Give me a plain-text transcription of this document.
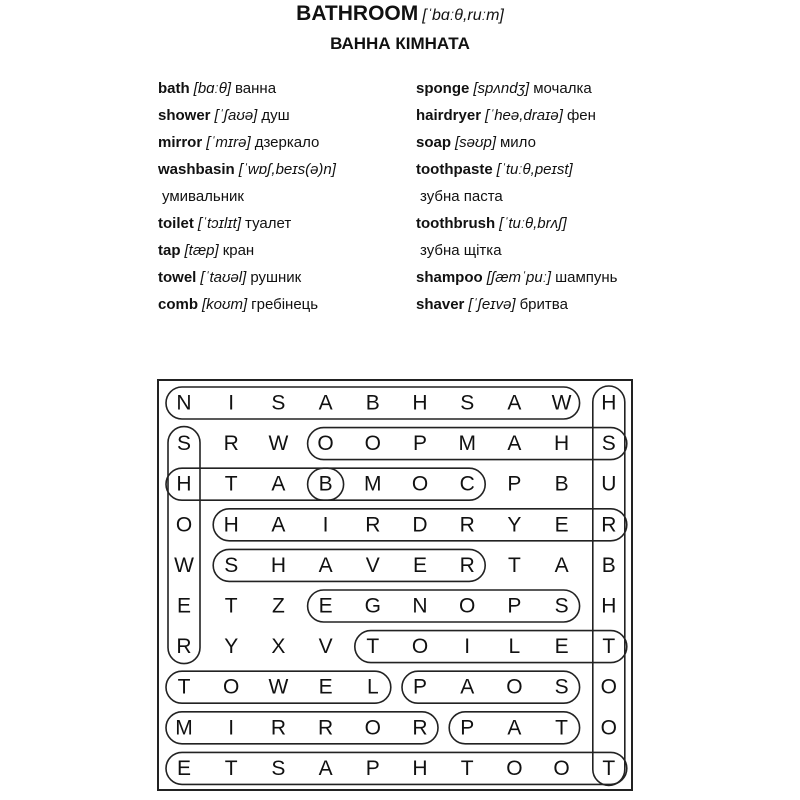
BATHROOM [ˈbɑːθ,ruːm]
ВАННА КІМНАТА
bath [bɑːθ] ванна
shower [ˈʃaʊə] душ
mirror [ˈmɪrə] дзеркало
washbasin [ˈwɒʃ,beɪs(ə)n]
умивальник
toilet [ˈtɔɪlɪt] туалет
tap [tæp] кран
towel [ˈtaʊəl] рушник
comb [koʊm] гребінець
sponge [spʌndʒ] мочалка
hairdryer [ˈheə,draɪə] фен
soap [səʊp] мило
toothpaste [ˈtuːθ,peɪst]
зубна паста
toothbrush [ˈtuːθ,brʌʃ]
зубна щітка
shampoo [ʃæmˈpuː] шампунь
shaver [ˈʃeɪvə] бритва
N I S A B H S A W H
S R W O O P M A H S
H T A B M O C P B U
O H A I R D R Y E R
W S H A V E R T A B
E T Z E G N O P S H
R Y X V T O I L E T
T O W E L P A O S O
M I R R O R P A T O
E T S A P H T O O T
